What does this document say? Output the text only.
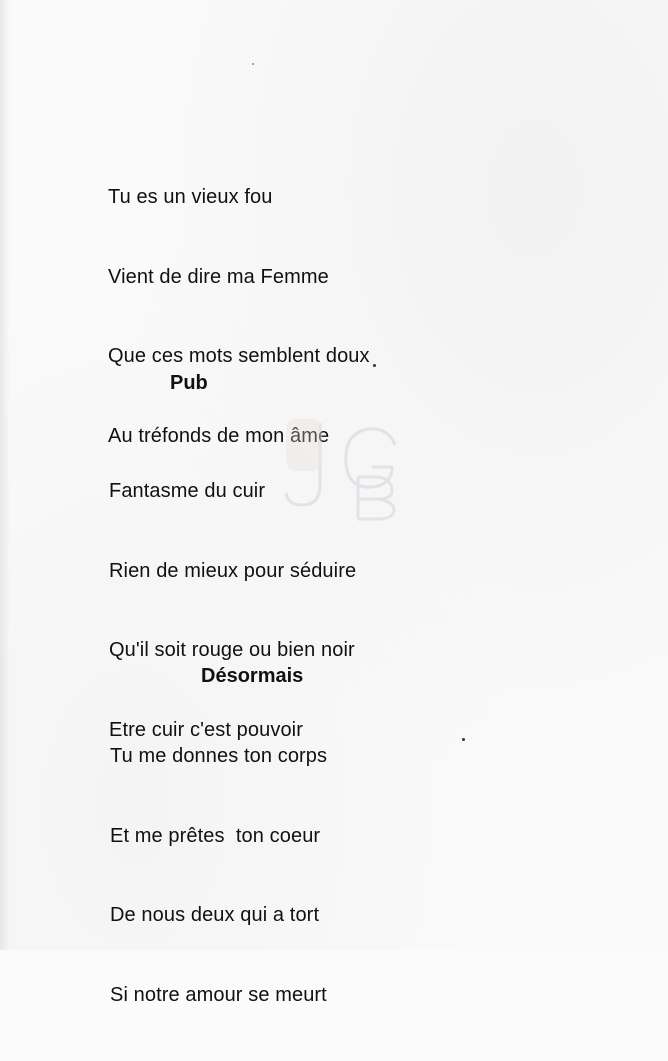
Tu es un vieux fou

Vient de dire ma Femme

Que ces mots semblent doux

Au tréfonds de mon âme

Pub

Fantasme du cuir

Rien de mieux pour séduire

Qu'il soit rouge ou bien noir

Etre cuir c'est pouvoir

Désormais

Tu me donnes ton corps

Et me prêtes  ton coeur

De nous deux qui a tort

Si notre amour se meurt

JGB
